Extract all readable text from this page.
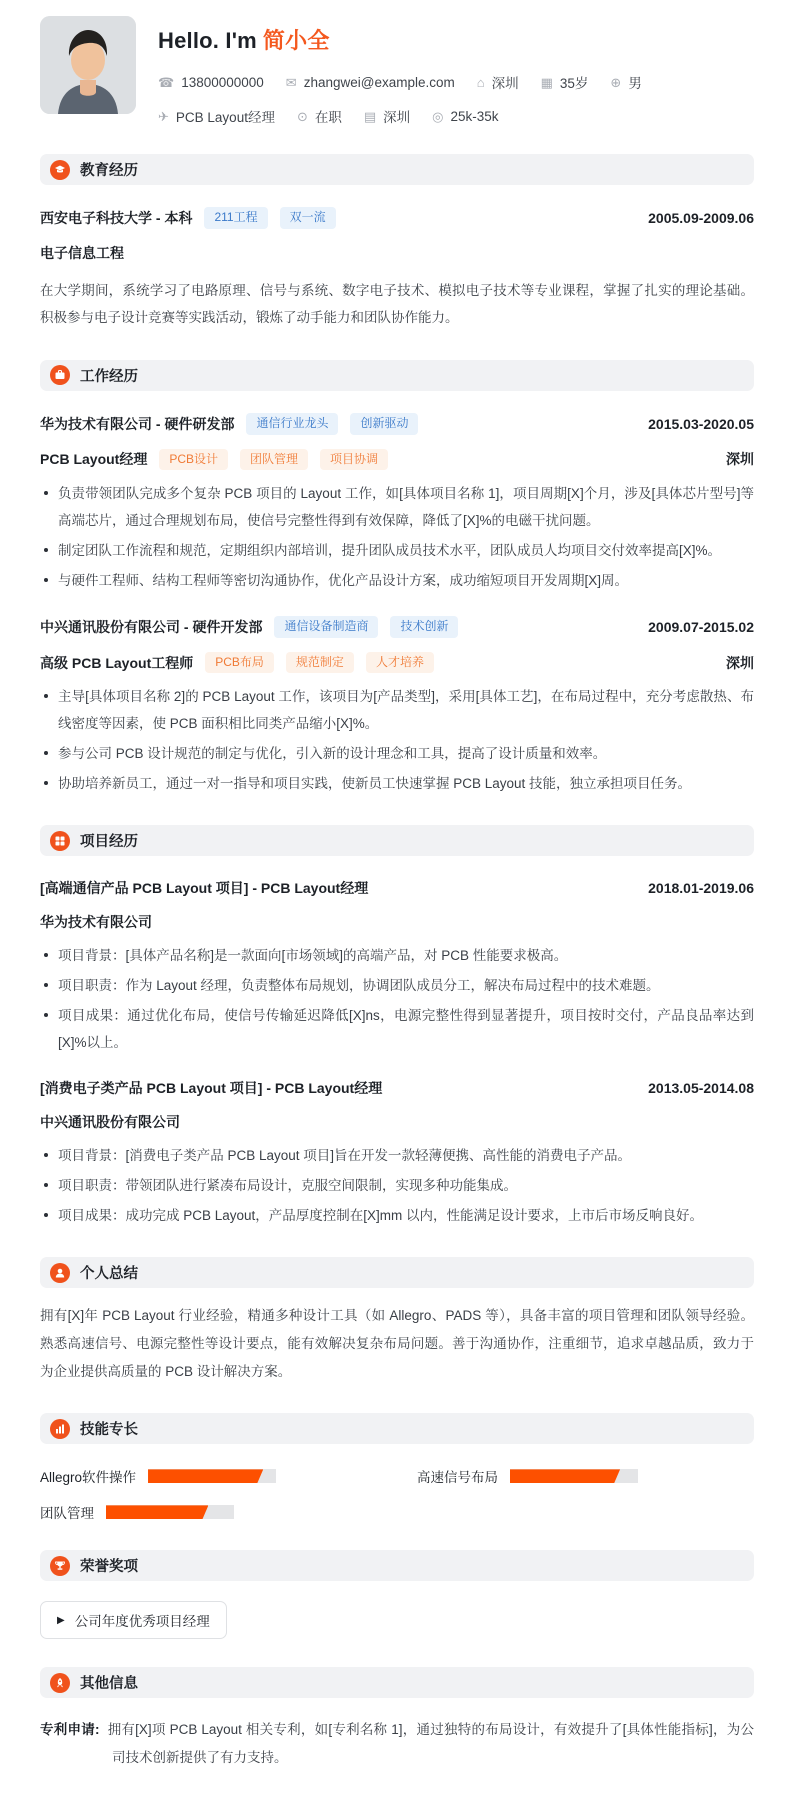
Hello. I'm 简小全
☎ 13800000000 ✉ zhangwei@example.com ⌂ 深圳 ▦ 35岁 ⊕ 男
✈ PCB Layout经理 ⊙ 在职 ▤ 深圳 ◎ 25k-35k
教育经历
西安电子科技大学 - 本科	211工程	双一流	2005.09-2009.06
电子信息工程

在大学期间，系统学习了电路原理、信号与系统、数字电子技术、模拟电子技术等专业课程，掌握了扎实的理论基础。积极参与电子设计竞赛等实践活动，锻炼了动手能力和团队协作能力。

工作经历
华为技术有限公司 - 硬件研发部	通信行业龙头	创新驱动	2015.03-2020.05
PCB Layout经理	PCB设计	团队管理	项目协调	深圳
负责带领团队完成多个复杂 PCB 项目的 Layout 工作，如[具体项目名称 1]，项目周期[X]个月，涉及[具体芯片型号]等高端芯片，通过合理规划布局，使信号完整性得到有效保障，降低了[X]%的电磁干扰问题。
制定团队工作流程和规范，定期组织内部培训，提升团队成员技术水平，团队成员人均项目交付效率提高[X]%。
与硬件工程师、结构工程师等密切沟通协作，优化产品设计方案，成功缩短项目开发周期[X]周。
中兴通讯股份有限公司 - 硬件开发部	通信设备制造商	技术创新	2009.07-2015.02
高级 PCB Layout工程师	PCB布局	规范制定	人才培养	深圳
主导[具体项目名称 2]的 PCB Layout 工作，该项目为[产品类型]，采用[具体工艺]，在布局过程中，充分考虑散热、布线密度等因素，使 PCB 面积相比同类产品缩小[X]%。
参与公司 PCB 设计规范的制定与优化，引入新的设计理念和工具，提高了设计质量和效率。
协助培养新员工，通过一对一指导和项目实践，使新员工快速掌握 PCB Layout 技能，独立承担项目任务。
项目经历
[高端通信产品 PCB Layout 项目] - PCB Layout经理	2018.01-2019.06
华为技术有限公司
项目背景：[具体产品名称]是一款面向[市场领域]的高端产品，对 PCB 性能要求极高。
项目职责：作为 Layout 经理，负责整体布局规划，协调团队成员分工，解决布局过程中的技术难题。
项目成果：通过优化布局，使信号传输延迟降低[X]ns，电源完整性得到显著提升，项目按时交付，产品良品率达到[X]%以上。
[消费电子类产品 PCB Layout 项目] - PCB Layout经理	2013.05-2014.08
中兴通讯股份有限公司
项目背景：[消费电子类产品 PCB Layout 项目]旨在开发一款轻薄便携、高性能的消费电子产品。
项目职责：带领团队进行紧凑布局设计，克服空间限制，实现多种功能集成。
项目成果：成功完成 PCB Layout，产品厚度控制在[X]mm 以内，性能满足设计要求，上市后市场反响良好。
个人总结

拥有[X]年 PCB Layout 行业经验，精通多种设计工具（如 Allegro、PADS 等），具备丰富的项目管理和团队领导经验。熟悉高速信号、电源完整性等设计要点，能有效解决复杂布局问题。善于沟通协作，注重细节，追求卓越品质，致力于为企业提供高质量的 PCB 设计解决方案。

技能专长
Allegro软件操作	高速信号布局
团队管理
荣誉奖项
▶ 公司年度优秀项目经理
其他信息

专利申请: 拥有[X]项 PCB Layout 相关专利，如[专利名称 1]，通过独特的布局设计，有效提升了[具体性能指标]，为公司技术创新提供了有力支持。
